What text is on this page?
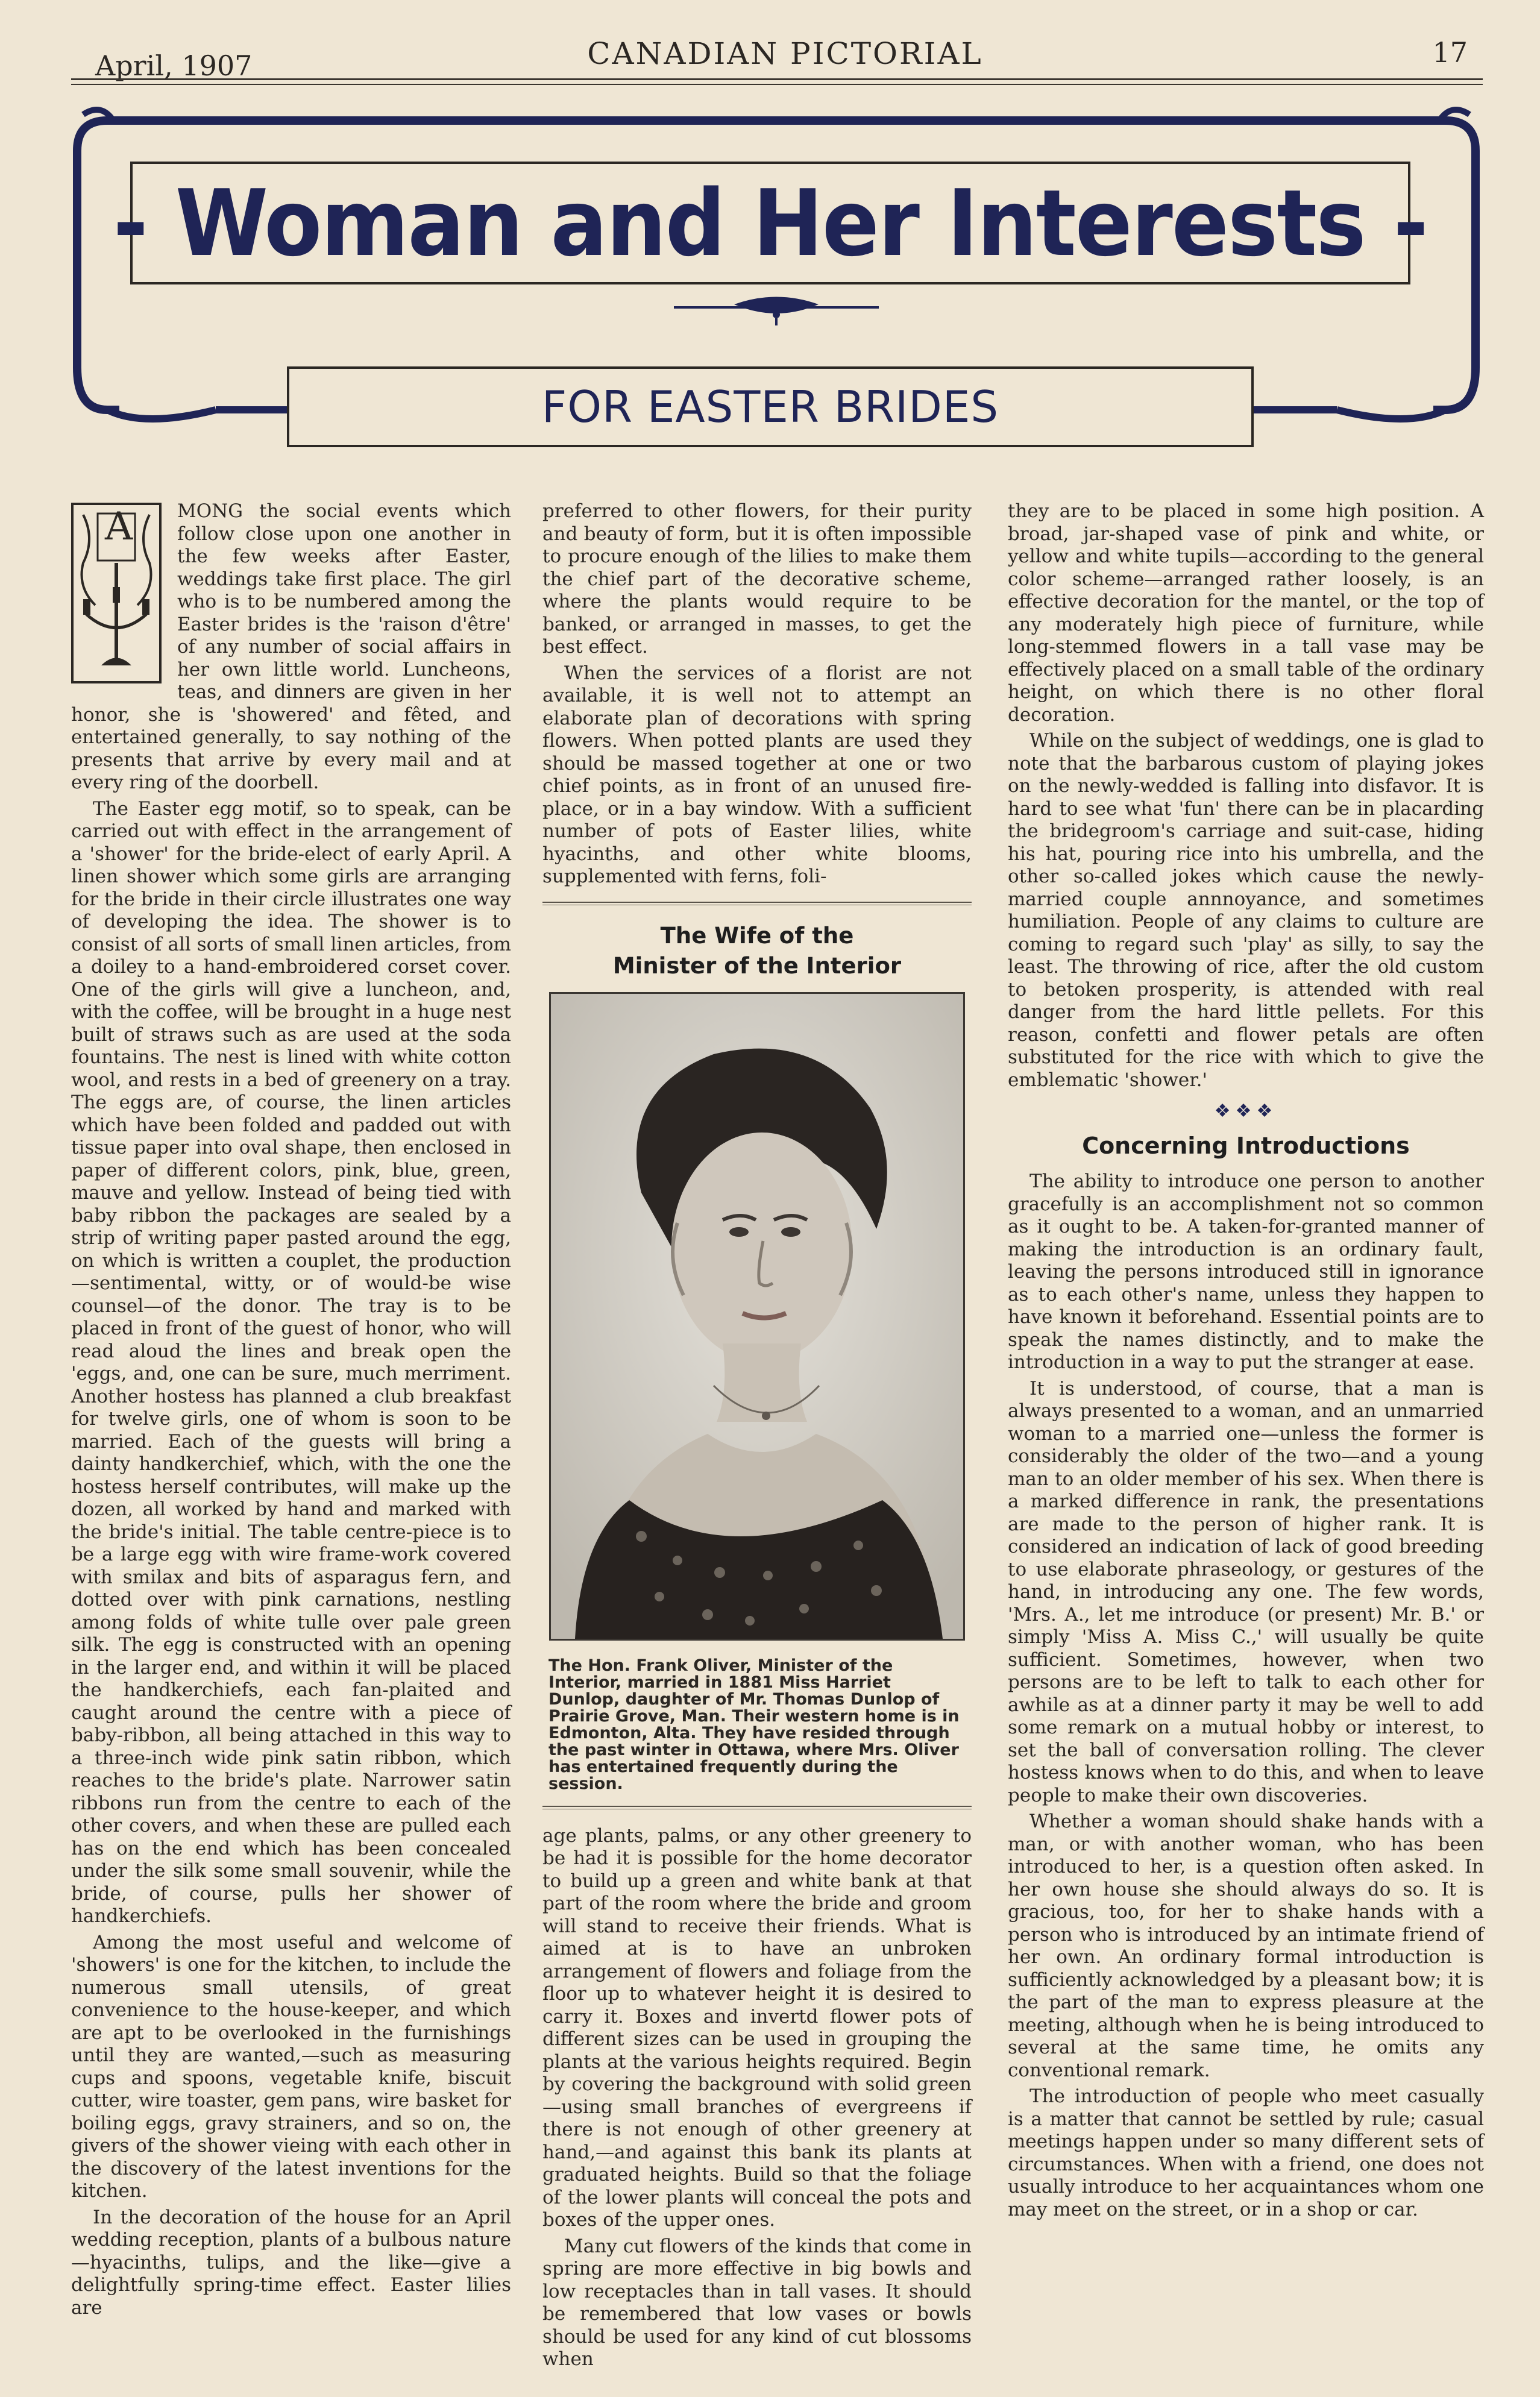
April, 1907	CANADIAN PICTORIAL	17
- Woman and Her Interests -
FOR EASTER BRIDES
A	MONG the social events which follow close upon one another in the few weeks after Easter, weddings take first place. The girl who is to be numbered among the Easter brides is the 'raison d'être' of any number of social affairs in her own little world. Luncheons, teas, and dinners are given in her honor, she is 'showered' and fêted, and entertained generally, to say nothing of the presents that arrive by every mail and at every ring of the doorbell.

The Easter egg motif, so to speak, can be carried out with effect in the arrangement of a 'shower' for the bride-elect of early April. A linen shower which some girls are arranging for the bride in their circle illustrates one way of developing the idea. The shower is to consist of all sorts of small linen articles, from a doiley to a hand-embroidered corset cover. One of the girls will give a luncheon, and, with the coffee, will be brought in a huge nest built of straws such as are used at the soda fountains. The nest is lined with white cotton wool, and rests in a bed of greenery on a tray. The eggs are, of course, the linen articles which have been folded and padded out with tissue paper into oval shape, then enclosed in paper of different colors, pink, blue, green, mauve and yellow. Instead of being tied with baby ribbon the packages are sealed by a strip of writing paper pasted around the egg, on which is written a couplet, the production—sentimental, witty, or of would-be wise counsel—of the donor. The tray is to be placed in front of the guest of honor, who will read aloud the lines and break open the 'eggs, and, one can be sure, much merriment. Another hostess has planned a club breakfast for twelve girls, one of whom is soon to be married. Each of the guests will bring a dainty handkerchief, which, with the one the hostess herself contributes, will make up the dozen, all worked by hand and marked with the bride's initial. The table centre-piece is to be a large egg with wire frame-work covered with smilax and bits of asparagus fern, and dotted over with pink carnations, nestling among folds of white tulle over pale green silk. The egg is constructed with an opening in the larger end, and within it will be placed the handkerchiefs, each fan-plaited and caught around the centre with a piece of baby-ribbon, all being attached in this way to a three-inch wide pink satin ribbon, which reaches to the bride's plate. Narrower satin ribbons run from the centre to each of the other covers, and when these are pulled each has on the end which has been concealed under the silk some small souvenir, while the bride, of course, pulls her shower of handkerchiefs.

Among the most useful and welcome of 'showers' is one for the kitchen, to include the numerous small utensils, of great convenience to the house-keeper, and which are apt to be overlooked in the furnishings until they are wanted,—such as measuring cups and spoons, vegetable knife, biscuit cutter, wire toaster, gem pans, wire basket for boiling eggs, gravy strainers, and so on, the givers of the shower vieing with each other in the discovery of the latest inventions for the kitchen.

In the decoration of the house for an April wedding reception, plants of a bulbous nature —hyacinths, tulips, and the like—give a delightfully spring-time effect. Easter lilies are

preferred to other flowers, for their purity and beauty of form, but it is often impossible to procure enough of the lilies to make them the chief part of the decorative scheme, where the plants would require to be banked, or arranged in masses, to get the best effect.

When the services of a florist are not available, it is well not to attempt an elaborate plan of decorations with spring flowers. When potted plants are used they should be massed together at one or two chief points, as in front of an unused fire-place, or in a bay window. With a sufficient number of pots of Easter lilies, white hyacinths, and other white blooms, supplemented with ferns, foli-

The Wife of the
Minister of the Interior
The Hon. Frank Oliver, Minister of the Interior, married in 1881 Miss Harriet Dunlop, daughter of Mr. Thomas Dunlop of Prairie Grove, Man. Their western home is in Edmonton, Alta. They have resided through the past winter in Ottawa, where Mrs. Oliver has entertained frequently during the session.

age plants, palms, or any other greenery to be had it is possible for the home decorator to build up a green and white bank at that part of the room where the bride and groom will stand to receive their friends. What is aimed at is to have an unbroken arrangement of flowers and foliage from the floor up to whatever height it is desired to carry it. Boxes and invertd flower pots of different sizes can be used in grouping the plants at the various heights required. Begin by covering the background with solid green—using small branches of evergreens if there is not enough of other greenery at hand,—and against this bank its plants at graduated heights. Build so that the foliage of the lower plants will conceal the pots and boxes of the upper ones.

Many cut flowers of the kinds that come in spring are more effective in big bowls and low receptacles than in tall vases. It should be remembered that low vases or bowls should be used for any kind of cut blossoms when

they are to be placed in some high position. A broad, jar-shaped vase of pink and white, or yellow and white tupils—according to the general color scheme—arranged rather loosely, is an effective decoration for the mantel, or the top of any moderately high piece of furniture, while long-stemmed flowers in a tall vase may be effectively placed on a small table of the ordinary height, on which there is no other floral decoration.

While on the subject of weddings, one is glad to note that the barbarous custom of playing jokes on the newly-wedded is falling into disfavor. It is hard to see what 'fun' there can be in placarding the bridegroom's carriage and suit-case, hiding his hat, pouring rice into his umbrella, and the other so-called jokes which cause the newly-married couple annnoyance, and sometimes humiliation. People of any claims to culture are coming to regard such 'play' as silly, to say the least. The throwing of rice, after the old custom to betoken prosperity, is attended with real danger from the hard little pellets. For this reason, confetti and flower petals are often substituted for the rice with which to give the emblematic 'shower.'

❖❖❖
Concerning Introductions

The ability to introduce one person to another gracefully is an accomplishment not so common as it ought to be. A taken-for-granted manner of making the introduction is an ordinary fault, leaving the persons introduced still in ignorance as to each other's name, unless they happen to have known it beforehand. Essential points are to speak the names distinctly, and to make the introduction in a way to put the stranger at ease.

It is understood, of course, that a man is always presented to a woman, and an unmarried woman to a married one—unless the former is considerably the older of the two—and a young man to an older member of his sex. When there is a marked difference in rank, the presentations are made to the person of higher rank. It is considered an indication of lack of good breeding to use elaborate phraseology, or gestures of the hand, in introducing any one. The few words, 'Mrs. A., let me introduce (or present) Mr. B.' or simply 'Miss A. Miss C.,' will usually be quite sufficient. Sometimes, however, when two persons are to be left to talk to each other for awhile as at a dinner party it may be well to add some remark on a mutual hobby or interest, to set the ball of conversation rolling. The clever hostess knows when to do this, and when to leave people to make their own discoveries.

Whether a woman should shake hands with a man, or with another woman, who has been introduced to her, is a question often asked. In her own house she should always do so. It is gracious, too, for her to shake hands with a person who is introduced by an intimate friend of her own. An ordinary formal introduction is sufficiently acknowledged by a pleasant bow; it is the part of the man to express pleasure at the meeting, although when he is being introduced to several at the same time, he omits any conventional remark.

The introduction of people who meet casually is a matter that cannot be settled by rule; casual meetings happen under so many different sets of circumstances. When with a friend, one does not usually introduce to her acquaintances whom one may meet on the street, or in a shop or car.
